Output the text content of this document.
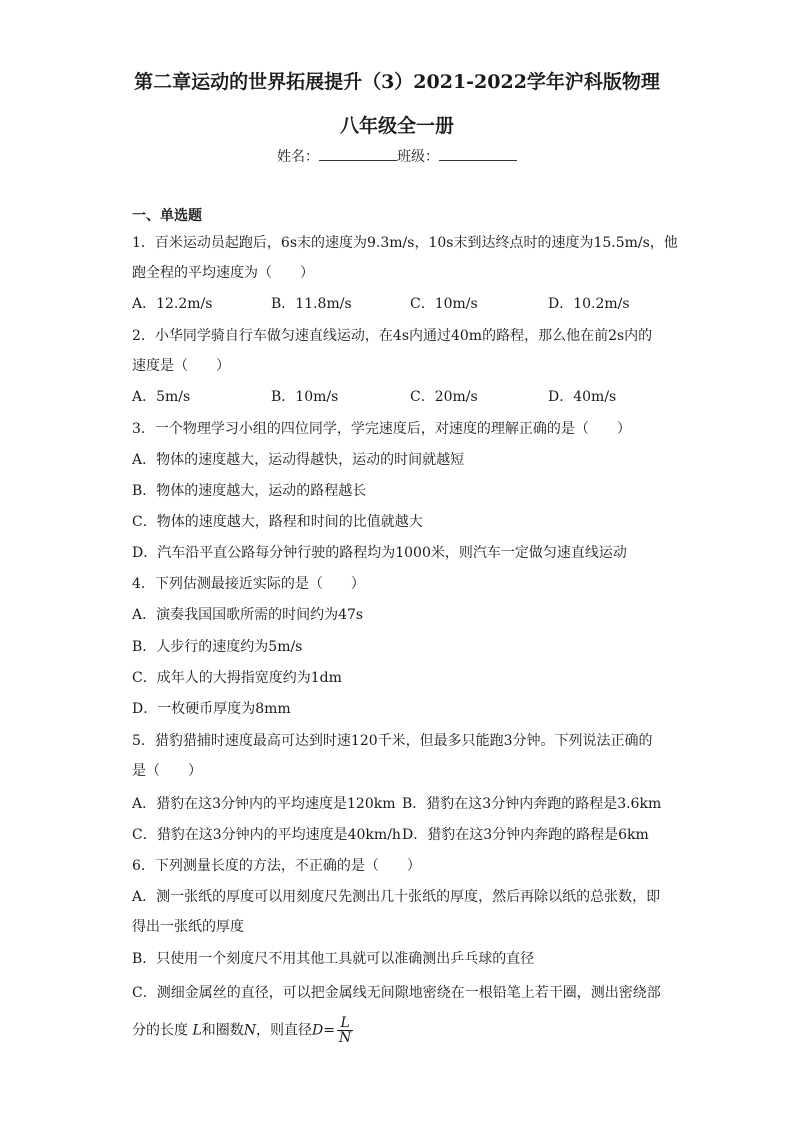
第二章运动的世界拓展提升（3）2021-2022学年沪科版物理
八年级全一册
姓名：	班级：
一、单选题
1．百米运动员起跑后，6s末的速度为9.3m/s，10s末到达终点时的速度为15.5m/s，他
跑全程的平均速度为（　　）
A．12.2m/s	B．11.8m/s	C．10m/s	D．10.2m/s
2．小华同学骑自行车做匀速直线运动，在4s内通过40m的路程，那么他在前2s内的
速度是（　　）
A．5m/s	B．10m/s	C．20m/s	D．40m/s
3．一个物理学习小组的四位同学，学完速度后，对速度的理解正确的是（　　）
A．物体的速度越大，运动得越快，运动的时间就越短
B．物体的速度越大，运动的路程越长
C．物体的速度越大，路程和时间的比值就越大
D．汽车沿平直公路每分钟行驶的路程均为1000米，则汽车一定做匀速直线运动
4．下列估测最接近实际的是（　　）
A．演奏我国国歌所需的时间约为47s
B．人步行的速度约为5m/s
C．成年人的大拇指宽度约为1dm
D．一枚硬币厚度为8mm
5．猎豹猎捕时速度最高可达到时速120千米，但最多只能跑3分钟。下列说法正确的
是（　　）
A．猎豹在这3分钟内的平均速度是120km B．猎豹在这3分钟内奔跑的路程是3.6km
C．猎豹在这3分钟内的平均速度是40km/h D．猎豹在这3分钟内奔跑的路程是6km
6．下列测量长度的方法，不正确的是（　　）
A．测一张纸的厚度可以用刻度尺先测出几十张纸的厚度，然后再除以纸的总张数，即
得出一张纸的厚度
B．只使用一个刻度尺不用其他工具就可以准确测出乒乓球的直径
C．测细金属丝的直径，可以把金属线无间隙地密绕在一根铅笔上若干圈，测出密绕部
分的长度 L和圈数N，则直径$D= \frac{L}{N}$
